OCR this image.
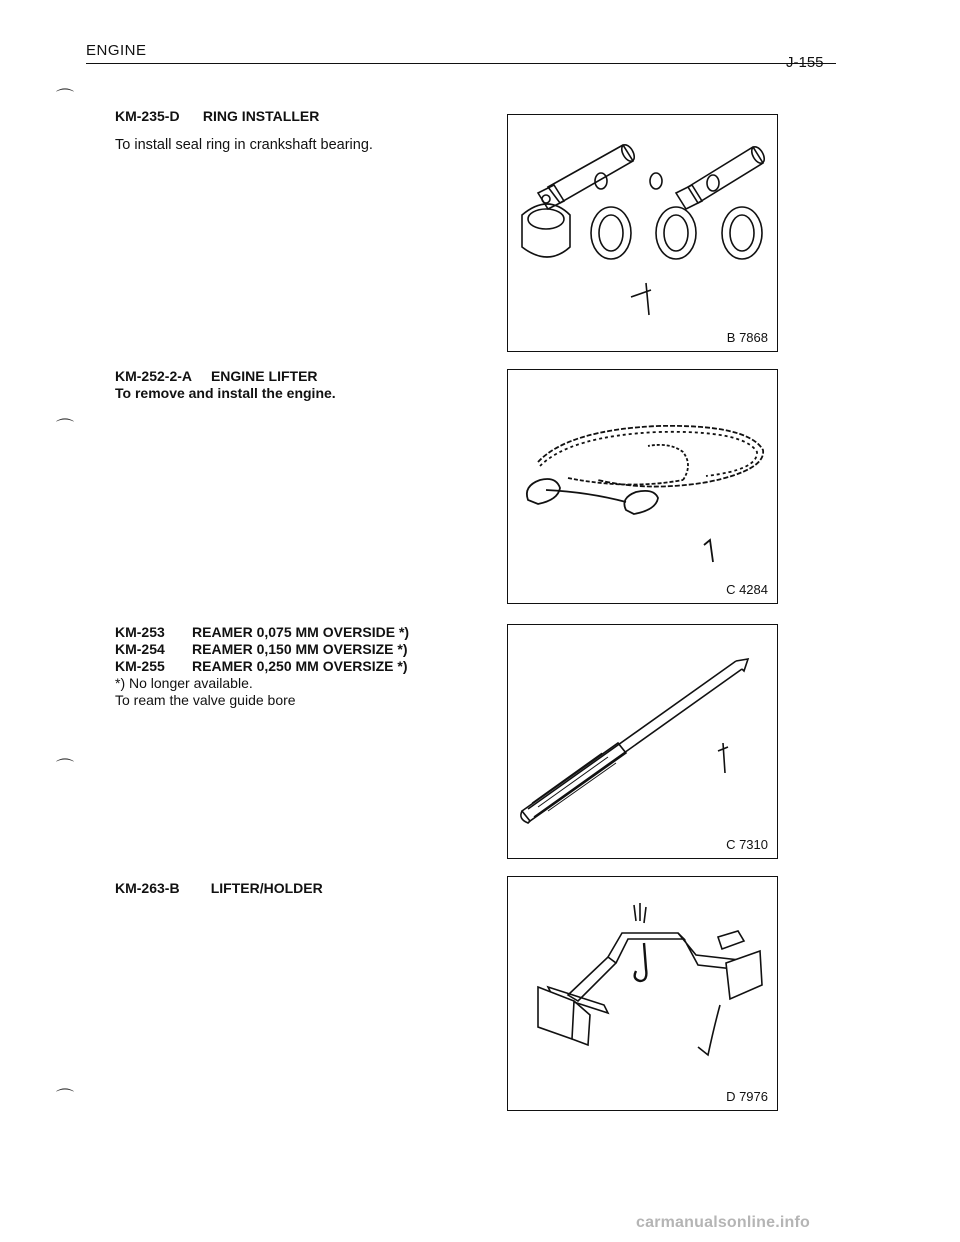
ENGINE
J-155
⌒
⌒
⌒
⌒
KM-235-D RING INSTALLER
To install seal ring in crankshaft bearing.
B 7868
KM-252-2-A ENGINE LIFTER
To remove and install the engine.
C 4284
KM-253 REAMER 0,075 MM OVERSIDE *)
KM-254 REAMER 0,150 MM OVERSIZE *)
KM-255 REAMER 0,250 MM OVERSIZE *)
*) No longer available.
To ream the valve guide bore
C 7310
KM-263-B LIFTER/HOLDER
D 7976
carmanualsonline.info
